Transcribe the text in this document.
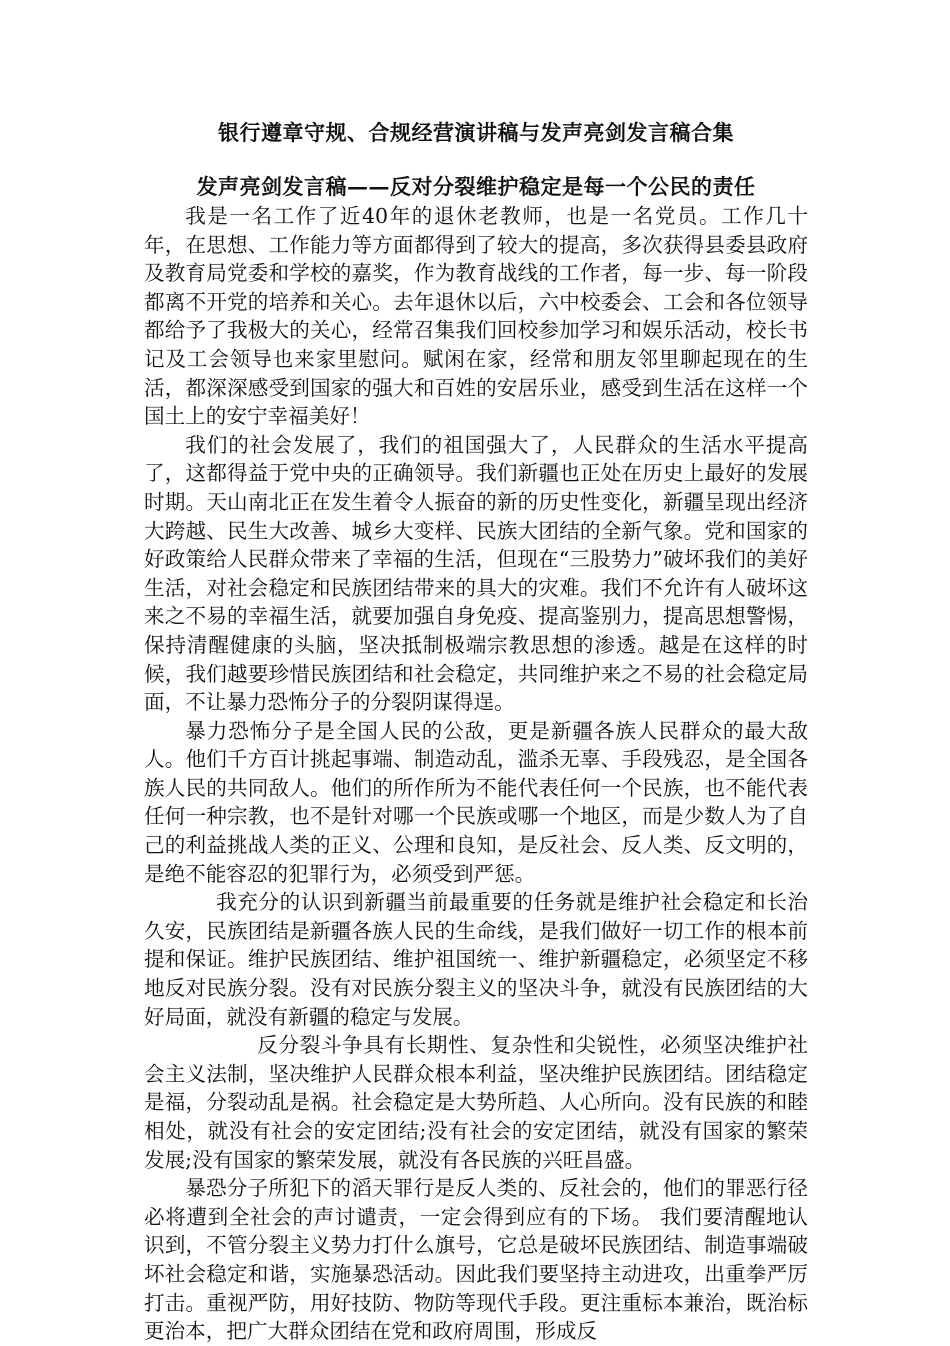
银行遵章守规、合规经营演讲稿与发声亮剑发言稿合集
发声亮剑发言稿——反对分裂维护稳定是每一个公民的责任

我是一名工作了近40年的退休老教师，也是一名党员。工作几十年，在思想、工作能力等方面都得到了较大的提高，多次获得县委县政府及教育局党委和学校的嘉奖，作为教育战线的工作者，每一步、每一阶段都离不开党的培养和关心。去年退休以后，六中校委会、工会和各位领导都给予了我极大的关心，经常召集我们回校参加学习和娱乐活动，校长书记及工会领导也来家里慰问。赋闲在家，经常和朋友邻里聊起现在的生活，都深深感受到国家的强大和百姓的安居乐业，感受到生活在这样一个国土上的安宁幸福美好！

我们的社会发展了，我们的祖国强大了，人民群众的生活水平提高了，这都得益于党中央的正确领导。我们新疆也正处在历史上最好的发展时期。天山南北正在发生着令人振奋的新的历史性变化，新疆呈现出经济大跨越、民生大改善、城乡大变样、民族大团结的全新气象。党和国家的好政策给人民群众带来了幸福的生活，但现在“三股势力”破坏我们的美好生活，对社会稳定和民族团结带来的具大的灾难。我们不允许有人破坏这来之不易的幸福生活，就要加强自身免疫、提高鉴别力，提高思想警惕，保持清醒健康的头脑，坚决抵制极端宗教思想的渗透。越是在这样的时候，我们越要珍惜民族团结和社会稳定，共同维护来之不易的社会稳定局面，不让暴力恐怖分子的分裂阴谋得逞。

暴力恐怖分子是全国人民的公敌，更是新疆各族人民群众的最大敌人。他们千方百计挑起事端、制造动乱，滥杀无辜、手段残忍，是全国各族人民的共同敌人。他们的所作所为不能代表任何一个民族，也不能代表任何一种宗教，也不是针对哪一个民族或哪一个地区，而是少数人为了自己的利益挑战人类的正义、公理和良知，是反社会、反人类、反文明的，是绝不能容忍的犯罪行为，必须受到严惩。

我充分的认识到新疆当前最重要的任务就是维护社会稳定和长治久安，民族团结是新疆各族人民的生命线，是我们做好一切工作的根本前提和保证。维护民族团结、维护祖国统一、维护新疆稳定，必须坚定不移地反对民族分裂。没有对民族分裂主义的坚决斗争，就没有民族团结的大好局面，就没有新疆的稳定与发展。

反分裂斗争具有长期性、复杂性和尖锐性，必须坚决维护社会主义法制，坚决维护人民群众根本利益，坚决维护民族团结。团结稳定是福，分裂动乱是祸。社会稳定是大势所趋、人心所向。没有民族的和睦相处，就没有社会的安定团结;没有社会的安定团结，就没有国家的繁荣发展;没有国家的繁荣发展，就没有各民族的兴旺昌盛。

暴恐分子所犯下的滔天罪行是反人类的、反社会的，他们的罪恶行径必将遭到全社会的声讨谴责，一定会得到应有的下场。 我们要清醒地认识到，不管分裂主义势力打什么旗号，它总是破坏民族团结、制造事端破坏社会稳定和谐，实施暴恐活动。因此我们要坚持主动进攻，出重拳严厉打击。重视严防，用好技防、物防等现代手段。更注重标本兼治，既治标更治本，把广大群众团结在党和政府周围，形成反
